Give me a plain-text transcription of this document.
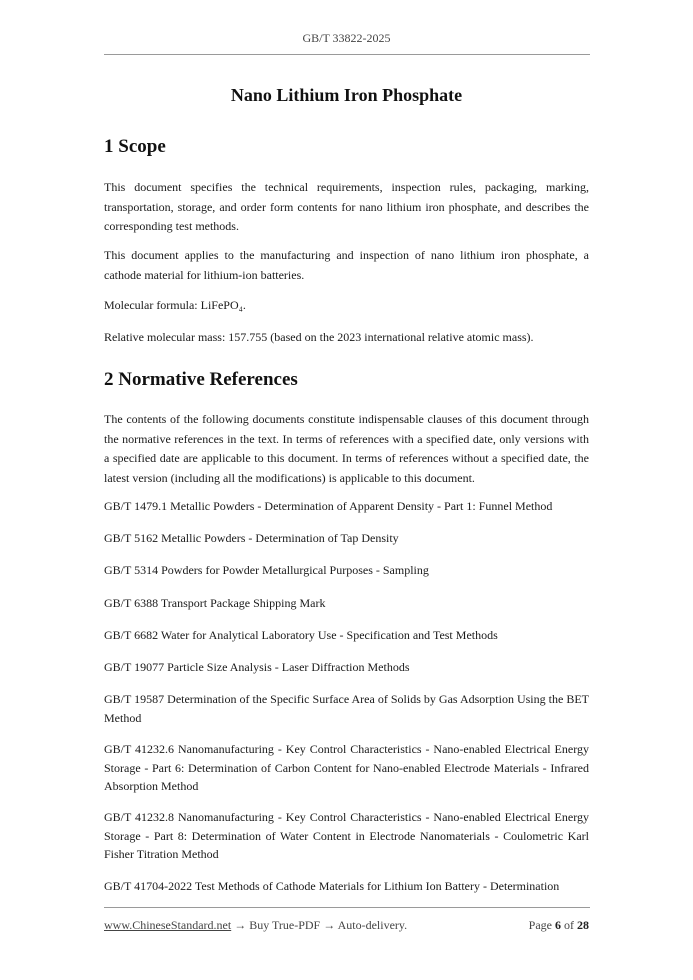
GB/T 33822-2025
Nano Lithium Iron Phosphate
1 Scope
This document specifies the technical requirements, inspection rules, packaging, marking, transportation, storage, and order form contents for nano lithium iron phosphate, and describes the corresponding test methods.
This document applies to the manufacturing and inspection of nano lithium iron phosphate, a cathode material for lithium-ion batteries.
Molecular formula: LiFePO₄.
Relative molecular mass: 157.755 (based on the 2023 international relative atomic mass).
2 Normative References
The contents of the following documents constitute indispensable clauses of this document through the normative references in the text. In terms of references with a specified date, only versions with a specified date are applicable to this document. In terms of references without a specified date, the latest version (including all the modifications) is applicable to this document.
GB/T 1479.1 Metallic Powders - Determination of Apparent Density - Part 1: Funnel Method
GB/T 5162 Metallic Powders - Determination of Tap Density
GB/T 5314 Powders for Powder Metallurgical Purposes - Sampling
GB/T 6388 Transport Package Shipping Mark
GB/T 6682 Water for Analytical Laboratory Use - Specification and Test Methods
GB/T 19077 Particle Size Analysis - Laser Diffraction Methods
GB/T 19587 Determination of the Specific Surface Area of Solids by Gas Adsorption Using the BET Method
GB/T 41232.6 Nanomanufacturing - Key Control Characteristics - Nano-enabled Electrical Energy Storage - Part 6: Determination of Carbon Content for Nano-enabled Electrode Materials - Infrared Absorption Method
GB/T 41232.8 Nanomanufacturing - Key Control Characteristics - Nano-enabled Electrical Energy Storage - Part 8: Determination of Water Content in Electrode Nanomaterials - Coulometric Karl Fisher Titration Method
GB/T 41704-2022 Test Methods of Cathode Materials for Lithium Ion Battery - Determination
www.ChineseStandard.net → Buy True-PDF → Auto-delivery.	Page 6 of 28
